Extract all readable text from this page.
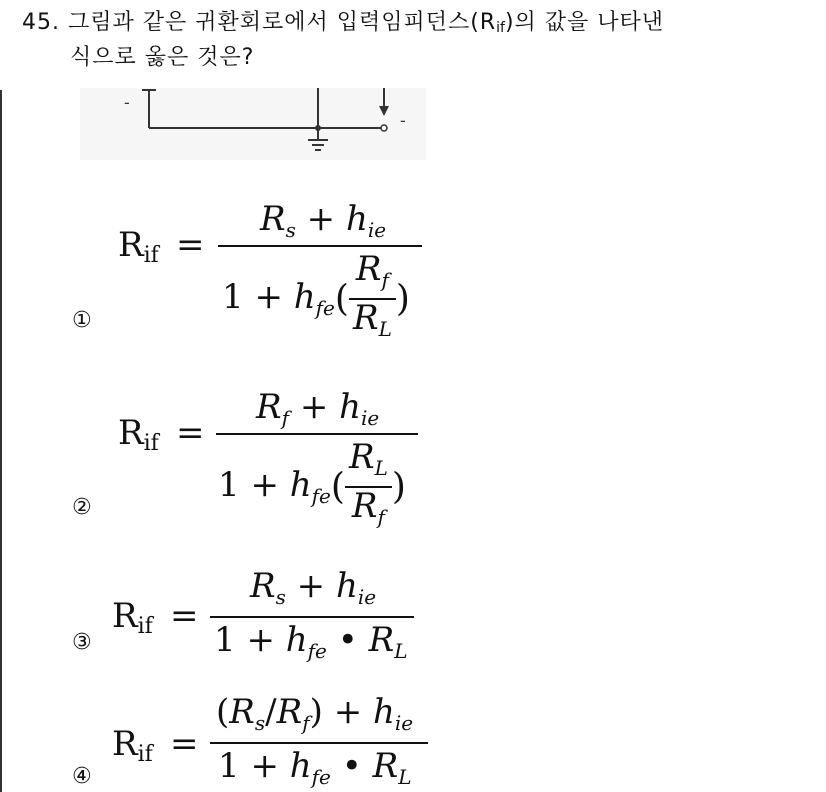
45. 그림과 같은 귀환회로에서 입력임피던스$(R_{if})$의 값을 나타낸
식으로 옳은 것은?
-
-
①
Rif =
$R_s + h_{ie}$
$1 + h_{fe}( \frac{R_f}{R_L}$ )
②
Rif =
$R_f + h_{ie}$
$1 + h_{fe}( \frac{R_L}{R_f}$ )
③
Rif =
$R_s + h_{ie}$
$1 + h_{fe}$ • $R_L$
④
Rif =
$(R_s/R_f) + h_{ie}$
$1 + h_{fe}$ • $R_L$
